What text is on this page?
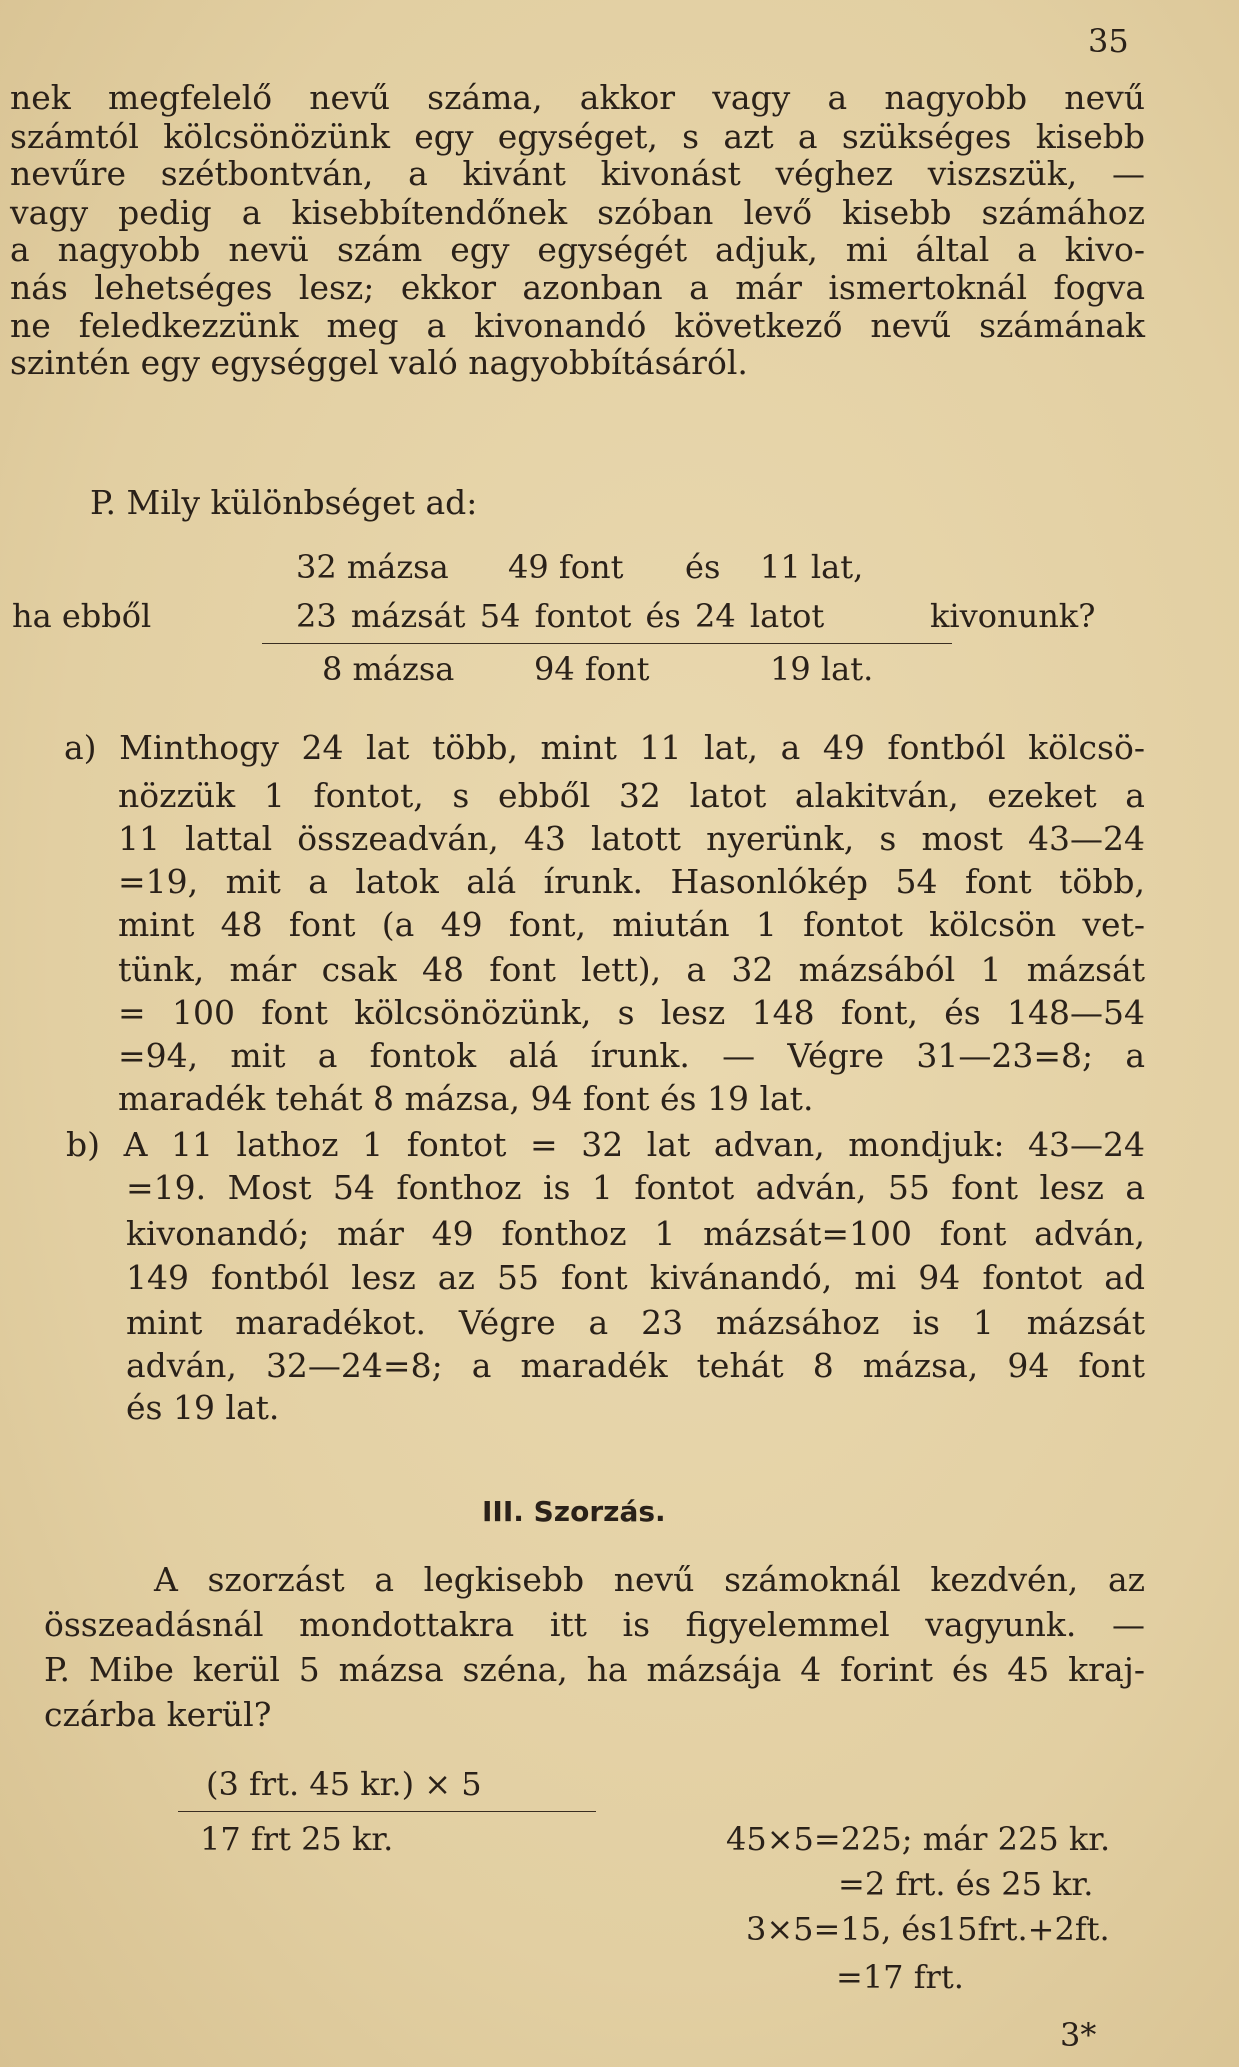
35
nek megfelelő nevű száma, akkor vagy a nagyobb nevű
számtól kölcsönözünk egy egységet, s azt a szükséges kisebb
nevűre szétbontván, a kivánt kivonást véghez viszszük, —
vagy pedig a kisebbítendőnek szóban levő kisebb számához
a nagyobb nevü szám egy egységét adjuk, mi által a kivo-
nás lehetséges lesz; ekkor azonban a már ismertoknál fogva
ne feledkezzünk meg a kivonandó következő nevű számának
szintén egy egységgel való nagyobbításáról.
P. Mily különbséget ad:
32 mázsa 49 font és 11 lat,
ha ebből	23 mázsát 54 fontot és 24 latot	kivonunk?
8 mázsa 94 font	19 lat.
a) Minthogy 24 lat több, mint 11 lat, a 49 fontból kölcsö-
nözzük 1 fontot, s ebből 32 latot alakitván, ezeket a
11 lattal összeadván, 43 latott nyerünk, s most 43—24
=19, mit a latok alá írunk. Hasonlókép 54 font több,
mint 48 font (a 49 font, miután 1 fontot kölcsön vet-
tünk, már csak 48 font lett), a 32 mázsából 1 mázsát
= 100 font kölcsönözünk, s lesz 148 font, és 148—54
=94, mit a fontok alá írunk. — Végre 31—23=8; a
maradék tehát 8 mázsa, 94 font és 19 lat.
b) A 11 lathoz 1 fontot = 32 lat advan, mondjuk: 43—24
=19. Most 54 fonthoz is 1 fontot adván, 55 font lesz a
kivonandó; már 49 fonthoz 1 mázsát=100 font adván,
149 fontból lesz az 55 font kivánandó, mi 94 fontot ad
mint maradékot. Végre a 23 mázsához is 1 mázsát
adván, 32—24=8; a maradék tehát 8 mázsa, 94 font
és 19 lat.
III. Szorzás.
A szorzást a legkisebb nevű számoknál kezdvén, az
összeadásnál mondottakra itt is figyelemmel vagyunk. —
P. Mibe kerül 5 mázsa széna, ha mázsája 4 forint és 45 kraj-
czárba kerül?
(3 frt. 45 kr.) × 5
17 frt 25 kr.	45×5=225; már 225 kr.
=2 frt. és 25 kr.
3×5=15, és15frt.+2ft.
=17 frt.
3*
